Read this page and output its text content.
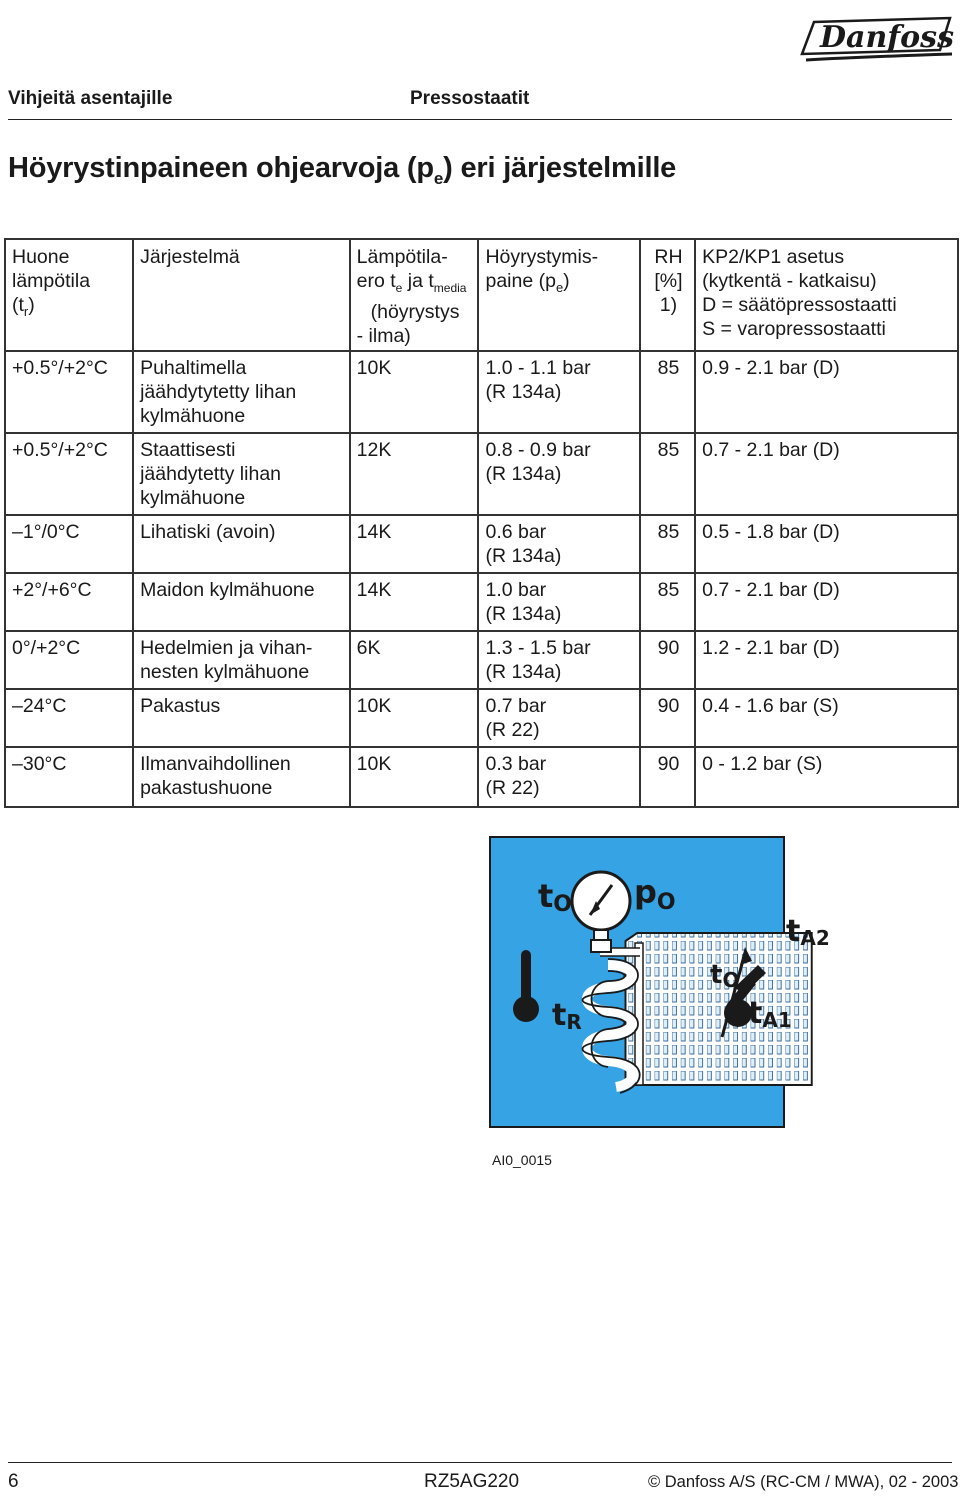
Danfoss
Vihjeitä asentajille	Pressostaatit
Höyrystinpaineen ohjearvoja $(p_e)$ eri järjestelmille
Huone
lämpötila
$(t_r)$	Järjestelmä	Lämpötila-
ero $t_e$ ja $t_{media}$
(höyrystys
- ilma)	Höyrystymis-
paine $(p_e)$	RH
[%]
1)	KP2/KP1 asetus
(kytkentä - katkaisu)
D = säätöpressostaatti
S = varopressostaatti

+0.5°/+2°C	Puhaltimella
jäähdytytetty lihan
kylmähuone	10K	1.0 - 1.1 bar
(R 134a)	85	0.9 - 2.1 bar (D)
+0.5°/+2°C	Staattisesti
jäähdytetty lihan
kylmähuone	12K	0.8 - 0.9 bar
(R 134a)	85	0.7 - 2.1 bar (D)
–1°/0°C	Lihatiski (avoin)	14K	0.6 bar
(R 134a)	85	0.5 - 1.8 bar (D)
+2°/+6°C	Maidon kylmähuone	14K	1.0 bar
(R 134a)	85	0.7 - 2.1 bar (D)
0°/+2°C	Hedelmien ja vihan-
nesten kylmähuone	6K	1.3 - 1.5 bar
(R 134a)	90	1.2 - 2.1 bar (D)
–24°C	Pakastus	10K	0.7 bar
(R 22)	90	0.4 - 1.6 bar (S)
–30°C	Ilmanvaihdollinen
pakastushuone	10K	0.3 bar
(R 22)	90	0 - 1.2 bar (S)
tO pO
tO
tR	tA1
tA2
AI0_0015
6	RZ5AG220	© Danfoss A/S (RC-CM / MWA), 02 - 2003
